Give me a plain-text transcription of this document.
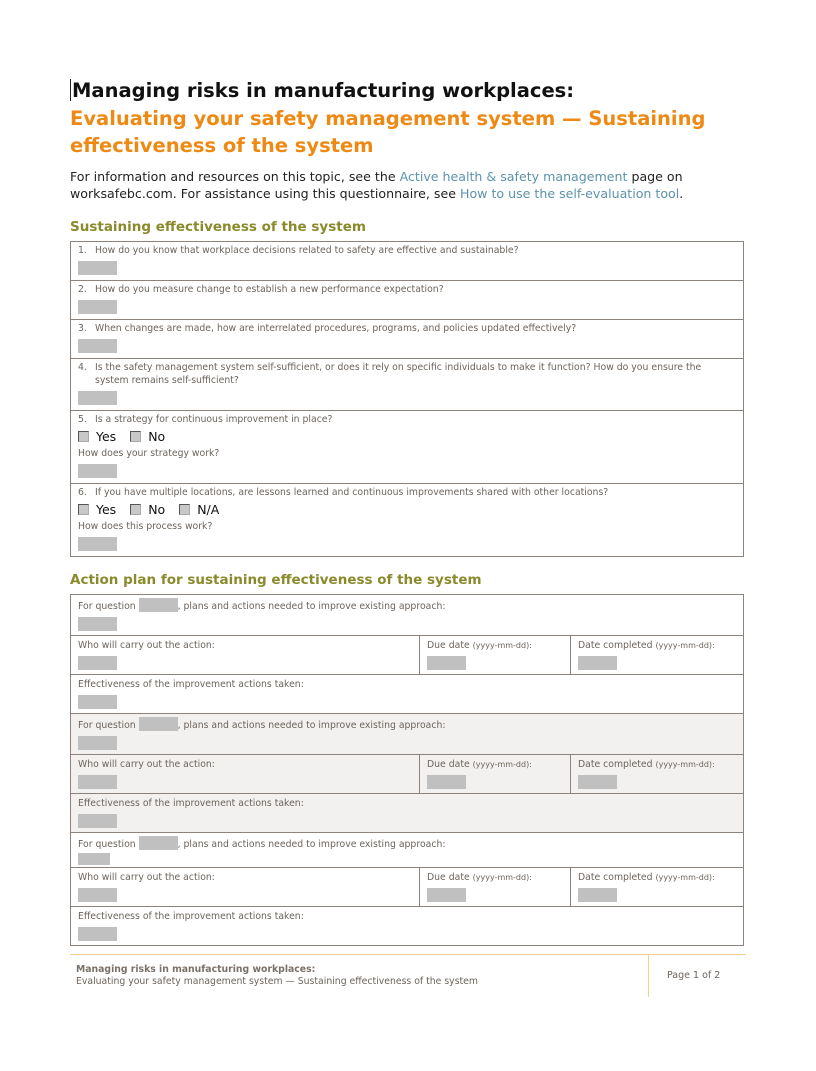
Managing risks in manufacturing workplaces:
Evaluating your safety management system — Sustaining effectiveness of the system
For information and resources on this topic, see the Active health & safety management page on worksafebc.com. For assistance using this questionnaire, see How to use the self-evaluation tool.
Sustaining effectiveness of the system
1. How do you know that workplace decisions related to safety are effective and sustainable?
2. How do you measure change to establish a new performance expectation?
3. When changes are made, how are interrelated procedures, programs, and policies updated effectively?
4. Is the safety management system self-sufficient, or does it rely on specific individuals to make it function? How do you ensure the system remains self-sufficient?
5. Is a strategy for continuous improvement in place?
Yes	No
How does your strategy work?
6. If you have multiple locations, are lessons learned and continuous improvements shared with other locations?
Yes	No	N/A
How does this process work?
Action plan for sustaining effectiveness of the system
For question	, plans and actions needed to improve existing approach:

Who will carry out the action:	Due date (yyyy-mm-dd):	Date completed (yyyy-mm-dd):

Effectiveness of the improvement actions taken:

For question	, plans and actions needed to improve existing approach:

Who will carry out the action:	Due date (yyyy-mm-dd):	Date completed (yyyy-mm-dd):

Effectiveness of the improvement actions taken:

For question	, plans and actions needed to improve existing approach:

Who will carry out the action:	Due date (yyyy-mm-dd):	Date completed (yyyy-mm-dd):

Effectiveness of the improvement actions taken:

Managing risks in manufacturing workplaces:
Evaluating your safety management system — Sustaining effectiveness of the system
Page 1 of 2
